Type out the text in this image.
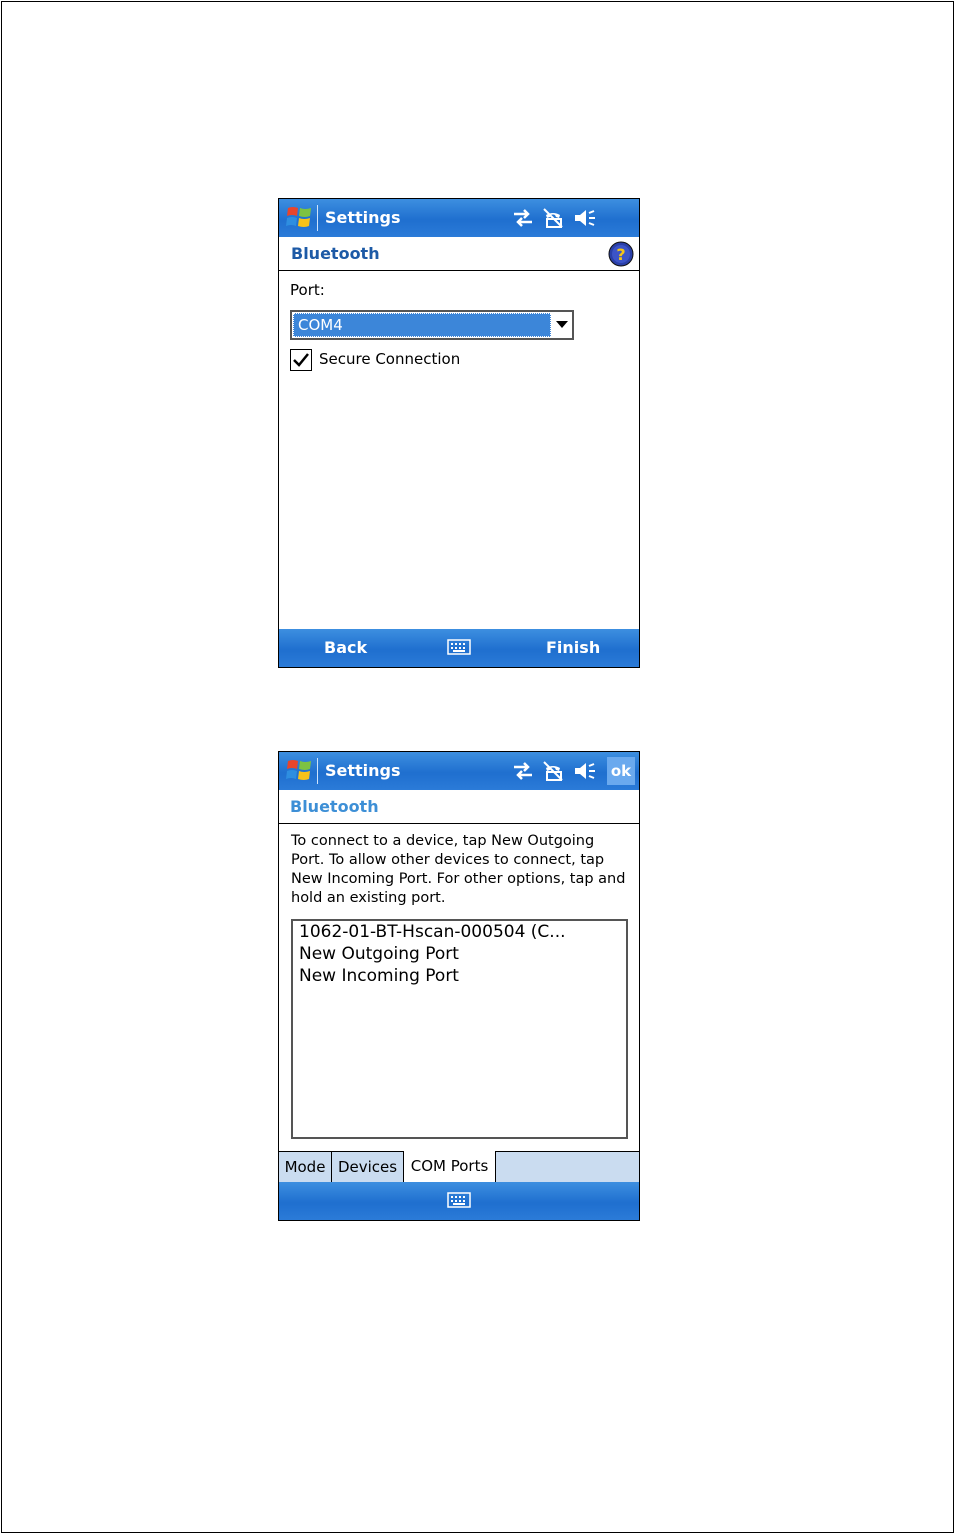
Settings
Bluetooth	?
Port:
COM4
Secure Connection
Back	Finish
Settings	ok
Bluetooth
To connect to a device, tap New Outgoing Port. To allow other devices to connect, tap New Incoming Port. For other options, tap and hold an existing port.
1062-01-BT-Hscan-000504 (C...
New Outgoing Port
New Incoming Port
Mode Devices COM Ports
